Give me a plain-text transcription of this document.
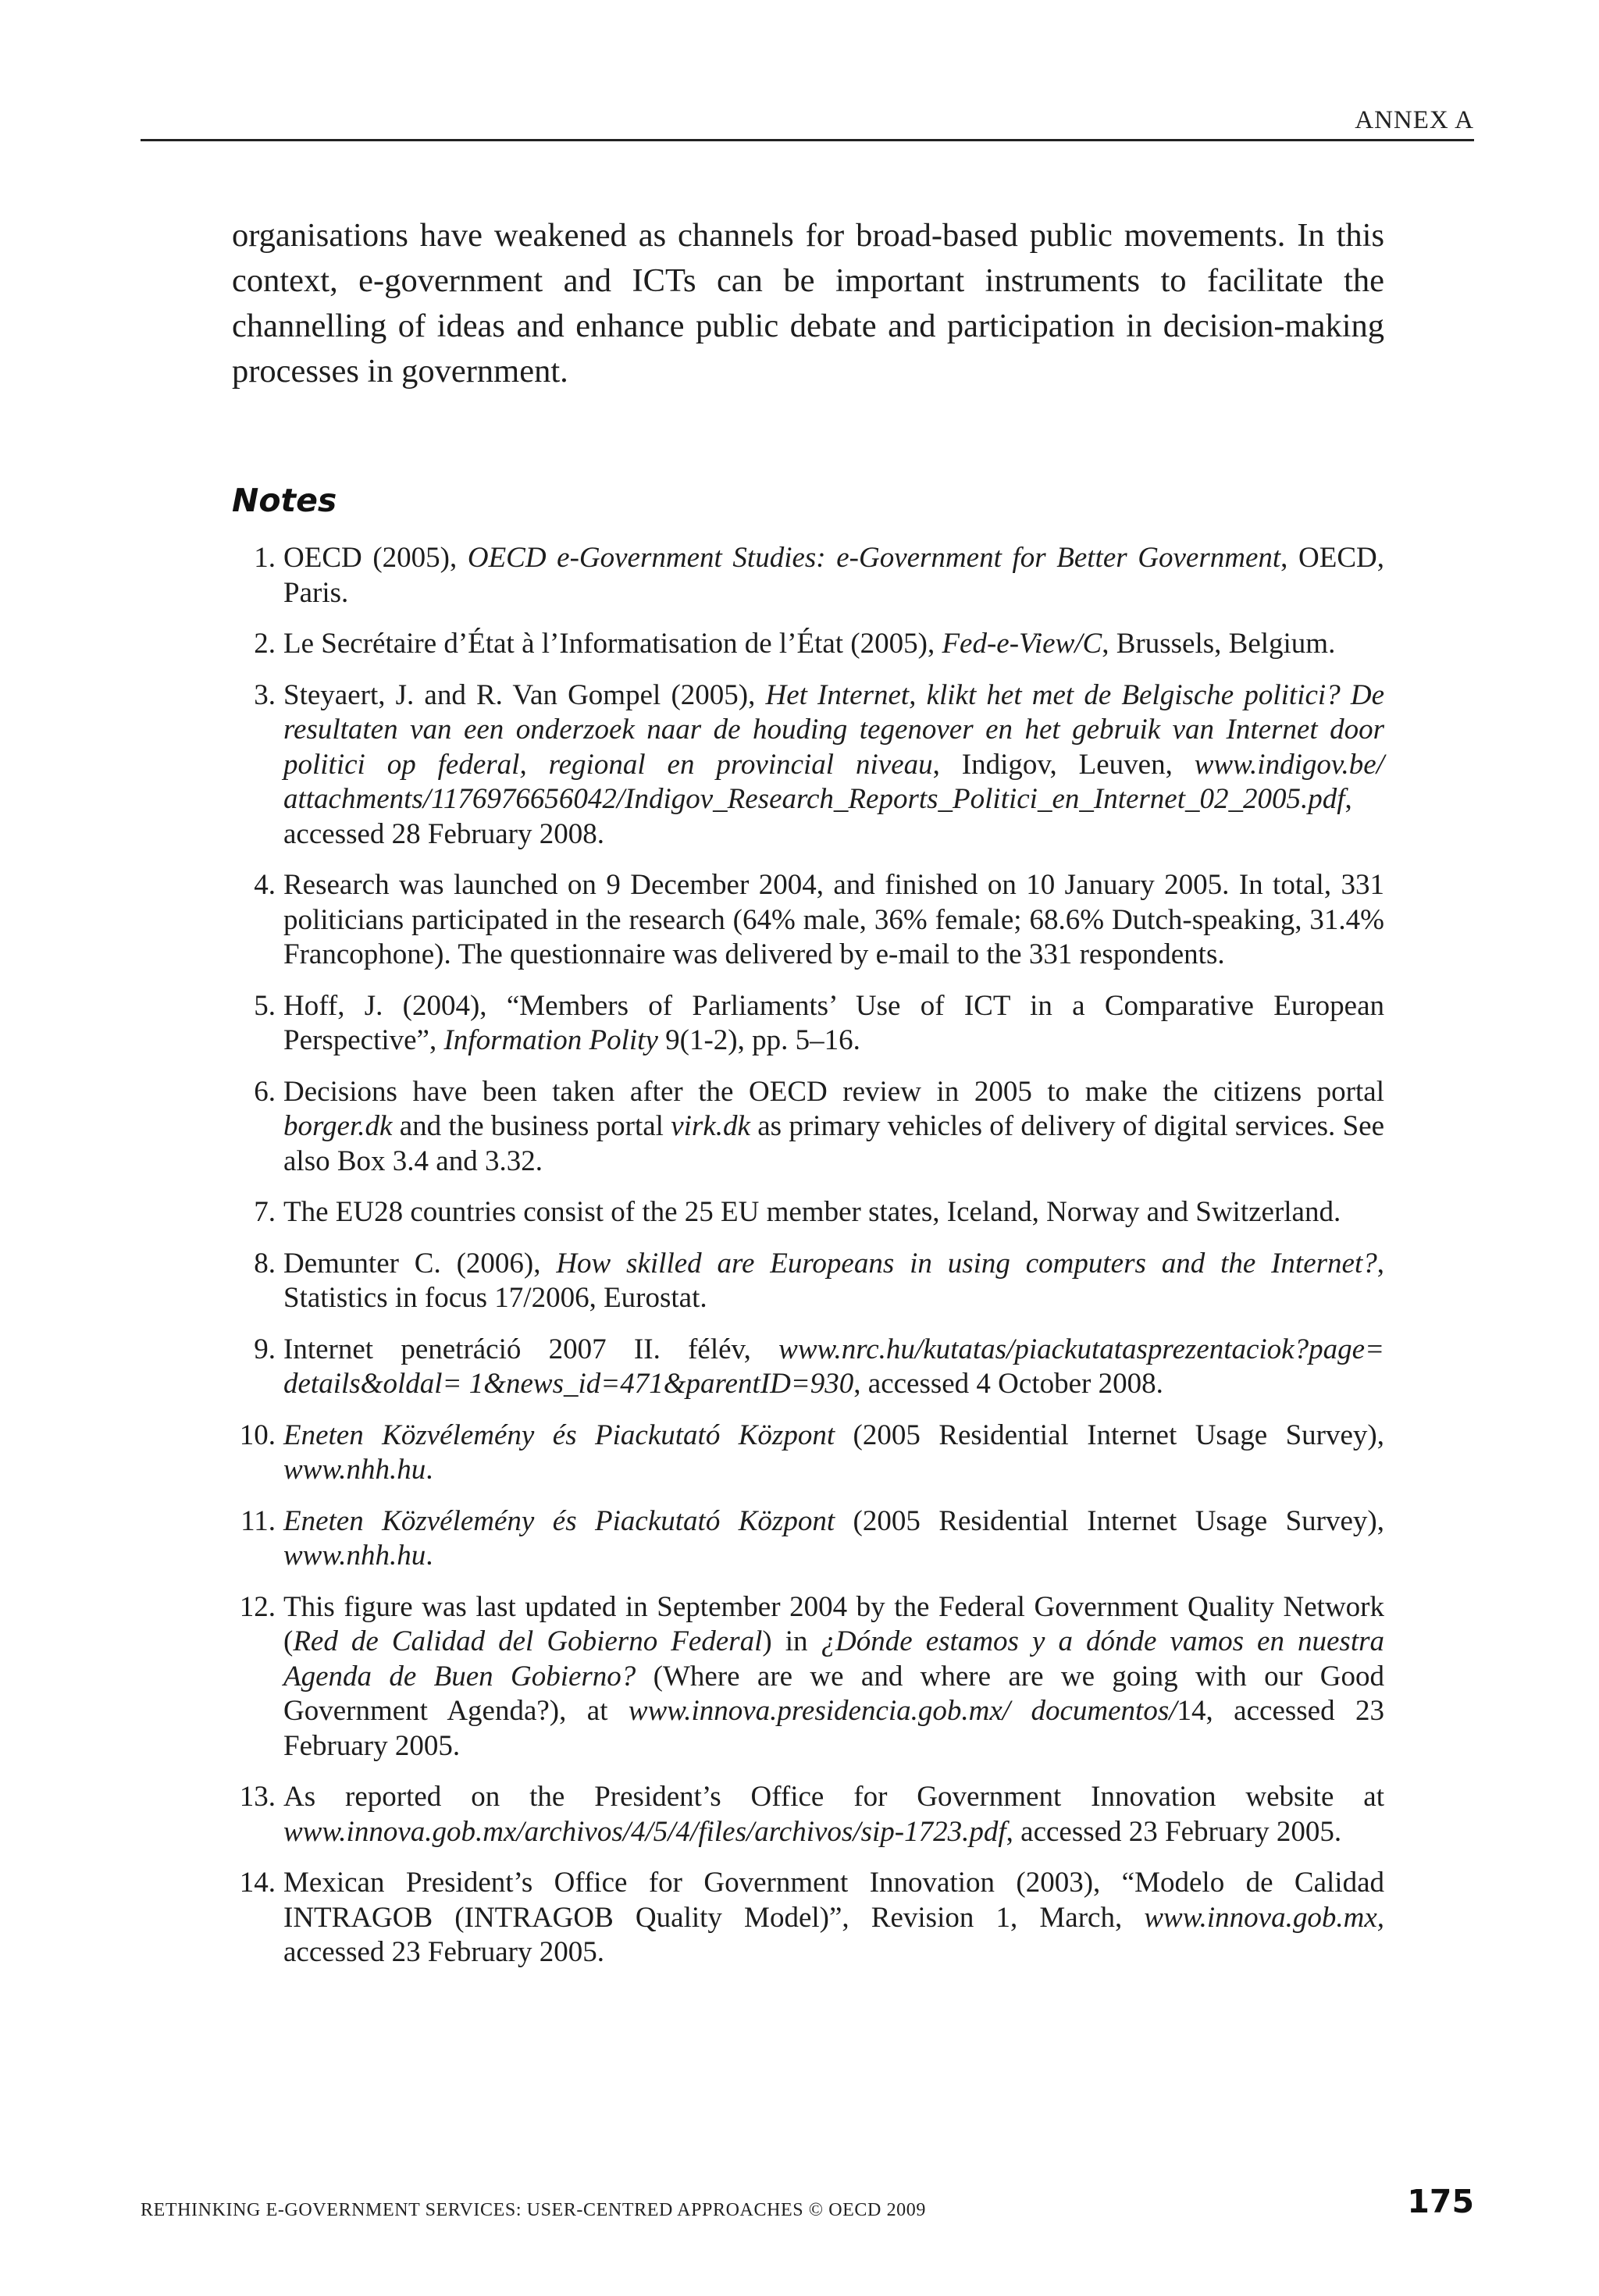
ANNEX A

organisations have weakened as channels for broad-based public movements. In this context, e-government and ICTs can be important instruments to facilitate the channelling of ideas and enhance public debate and participation in decision-making processes in government.

Notes
1. OECD (2005), OECD e-Government Studies: e-Government for Better Government, OECD, Paris.
2. Le Secrétaire d’État à l’Informatisation de l’État (2005), Fed-e-View/C, Brussels, Belgium.
3. Steyaert, J. and R. Van Gompel (2005), Het Internet, klikt het met de Belgische politici? De resultaten van een onderzoek naar de houding tegenover en het gebruik van Internet door politici op federal, regional en provincial niveau, Indigov, Leuven, www.indigov.be/ attachments/1176976656042/Indigov_Research_Reports_Politici_en_Internet_02_2005.pdf, accessed 28 February 2008.
4. Research was launched on 9 December 2004, and finished on 10 January 2005. In total, 331 politicians participated in the research (64% male, 36% female; 68.6% Dutch-speaking, 31.4% Francophone). The questionnaire was delivered by e-mail to the 331 respondents.
5. Hoff, J. (2004), “Members of Parliaments’ Use of ICT in a Comparative European Perspective”, Information Polity 9(1-2), pp. 5–16.
6. Decisions have been taken after the OECD review in 2005 to make the citizens portal borger.dk and the business portal virk.dk as primary vehicles of delivery of digital services. See also Box 3.4 and 3.32.
7. The EU28 countries consist of the 25 EU member states, Iceland, Norway and Switzerland.
8. Demunter C. (2006), How skilled are Europeans in using computers and the Internet?, Statistics in focus 17/2006, Eurostat.
9. Internet penetráció 2007 II. félév, www.nrc.hu/kutatas/piackutatasprezentaciok?page= details&oldal= 1&news_id=471&parentID=930, accessed 4 October 2008.
10. Eneten Közvélemény és Piackutató Központ (2005 Residential Internet Usage Survey), www.nhh.hu.
11. Eneten Közvélemény és Piackutató Központ (2005 Residential Internet Usage Survey), www.nhh.hu.
12. This figure was last updated in September 2004 by the Federal Government Quality Network (Red de Calidad del Gobierno Federal) in ¿Dónde estamos y a dónde vamos en nuestra Agenda de Buen Gobierno? (Where are we and where are we going with our Good Government Agenda?), at www.innova.presidencia.gob.mx/ documentos/14, accessed 23 February 2005.
13. As reported on the President’s Office for Government Innovation website at www.innova.gob.mx/archivos/4/5/4/files/archivos/sip-1723.pdf, accessed 23 February 2005.
14. Mexican President’s Office for Government Innovation (2003), “Modelo de Calidad INTRAGOB (INTRAGOB Quality Model)”, Revision 1, March, www.innova.gob.mx, accessed 23 February 2005.
RETHINKING E-GOVERNMENT SERVICES: USER-CENTRED APPROACHES © OECD 2009	175
